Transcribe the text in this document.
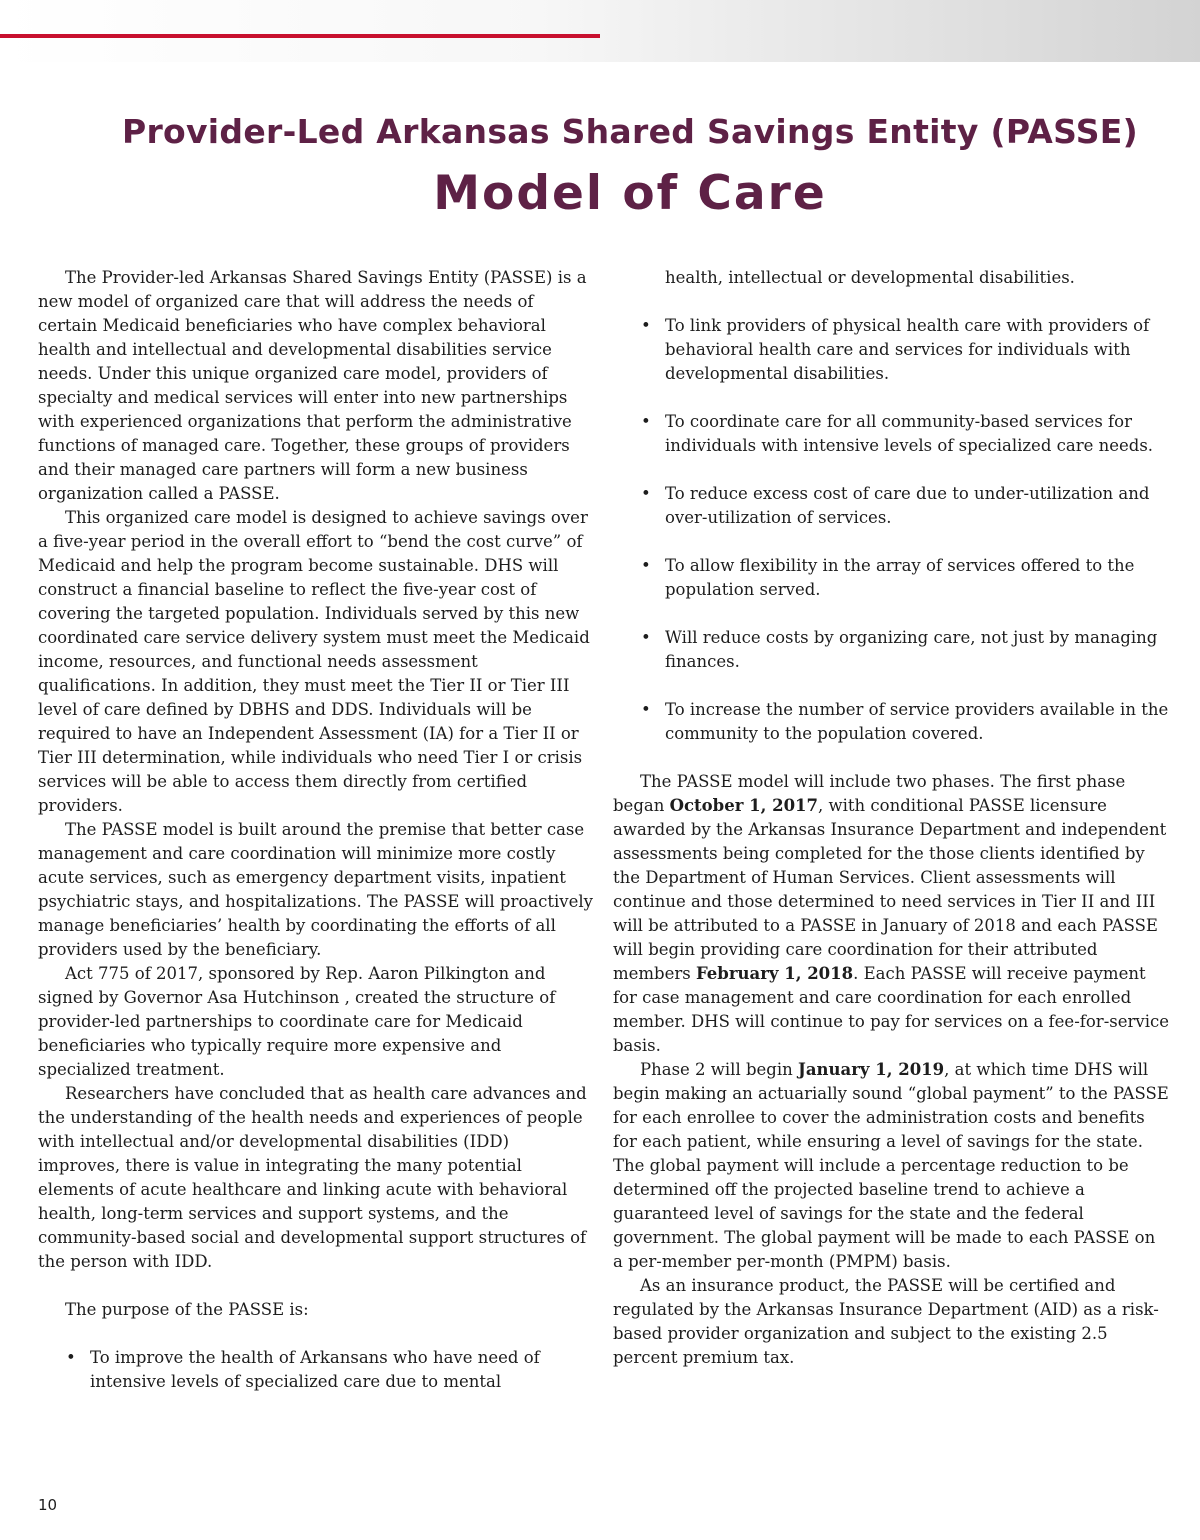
Provider-Led Arkansas Shared Savings Entity (PASSE)
Model of Care

The Provider-led Arkansas Shared Savings Entity (PASSE) is a new model of organized care that will address the needs of certain Medicaid beneficiaries who have complex behavioral health and intellectual and developmental disabilities service needs. Under this unique organized care model, providers of specialty and medical services will enter into new partnerships with experienced organizations that perform the administrative functions of managed care. Together, these groups of providers and their managed care partners will form a new business organization called a PASSE.

This organized care model is designed to achieve savings over a five-year period in the overall effort to “bend the cost curve” of Medicaid and help the program become sustainable. DHS will construct a financial baseline to reflect the five-year cost of covering the targeted population. Individuals served by this new coordinated care service delivery system must meet the Medicaid income, resources, and functional needs assessment qualifications. In addition, they must meet the Tier II or Tier III level of care defined by DBHS and DDS. Individuals will be required to have an Independent Assessment (IA) for a Tier II or Tier III determination, while individuals who need Tier I or crisis services will be able to access them directly from certified providers.

The PASSE model is built around the premise that better case management and care coordination will minimize more costly acute services, such as emergency department visits, inpatient psychiatric stays, and hospitalizations. The PASSE will proactively manage beneficiaries’ health by coordinating the efforts of all providers used by the beneficiary.

Act 775 of 2017, sponsored by Rep. Aaron Pilkington and signed by Governor Asa Hutchinson , created the structure of provider-led partnerships to coordinate care for Medicaid beneficiaries who typically require more expensive and specialized treatment.

Researchers have concluded that as health care advances and the understanding of the health needs and experiences of people with intellectual and/or developmental disabilities (IDD) improves, there is value in integrating the many potential elements of acute healthcare and linking acute with behavioral health, long-term services and support systems, and the community-based social and developmental support structures of the person with IDD.

The purpose of the PASSE is:

• To improve the health of Arkansans who have need of intensive levels of specialized care due to mental

health, intellectual or developmental disabilities.

• To link providers of physical health care with providers of behavioral health care and services for individuals with developmental disabilities.
• To coordinate care for all community-based services for individuals with intensive levels of specialized care needs.
• To reduce excess cost of care due to under-utilization and over-utilization of services.
• To allow flexibility in the array of services offered to the population served.
• Will reduce costs by organizing care, not just by managing finances.
• To increase the number of service providers available in the community to the population covered.

The PASSE model will include two phases. The first phase began October 1, 2017, with conditional PASSE licensure awarded by the Arkansas Insurance Department and independent assessments being completed for the those clients identified by the Department of Human Services. Client assessments will continue and those determined to need services in Tier II and III will be attributed to a PASSE in January of 2018 and each PASSE will begin providing care coordination for their attributed members February 1, 2018. Each PASSE will receive payment for case management and care coordination for each enrolled member. DHS will continue to pay for services on a fee-for-service basis.

Phase 2 will begin January 1, 2019, at which time DHS will begin making an actuarially sound “global payment” to the PASSE for each enrollee to cover the administration costs and benefits for each patient, while ensuring a level of savings for the state. The global payment will include a percentage reduction to be determined off the projected baseline trend to achieve a guaranteed level of savings for the state and the federal government. The global payment will be made to each PASSE on a per-member per-month (PMPM) basis.

As an insurance product, the PASSE will be certified and regulated by the Arkansas Insurance Department (AID) as a risk-based provider organization and subject to the existing 2.5 percent premium tax.

10
